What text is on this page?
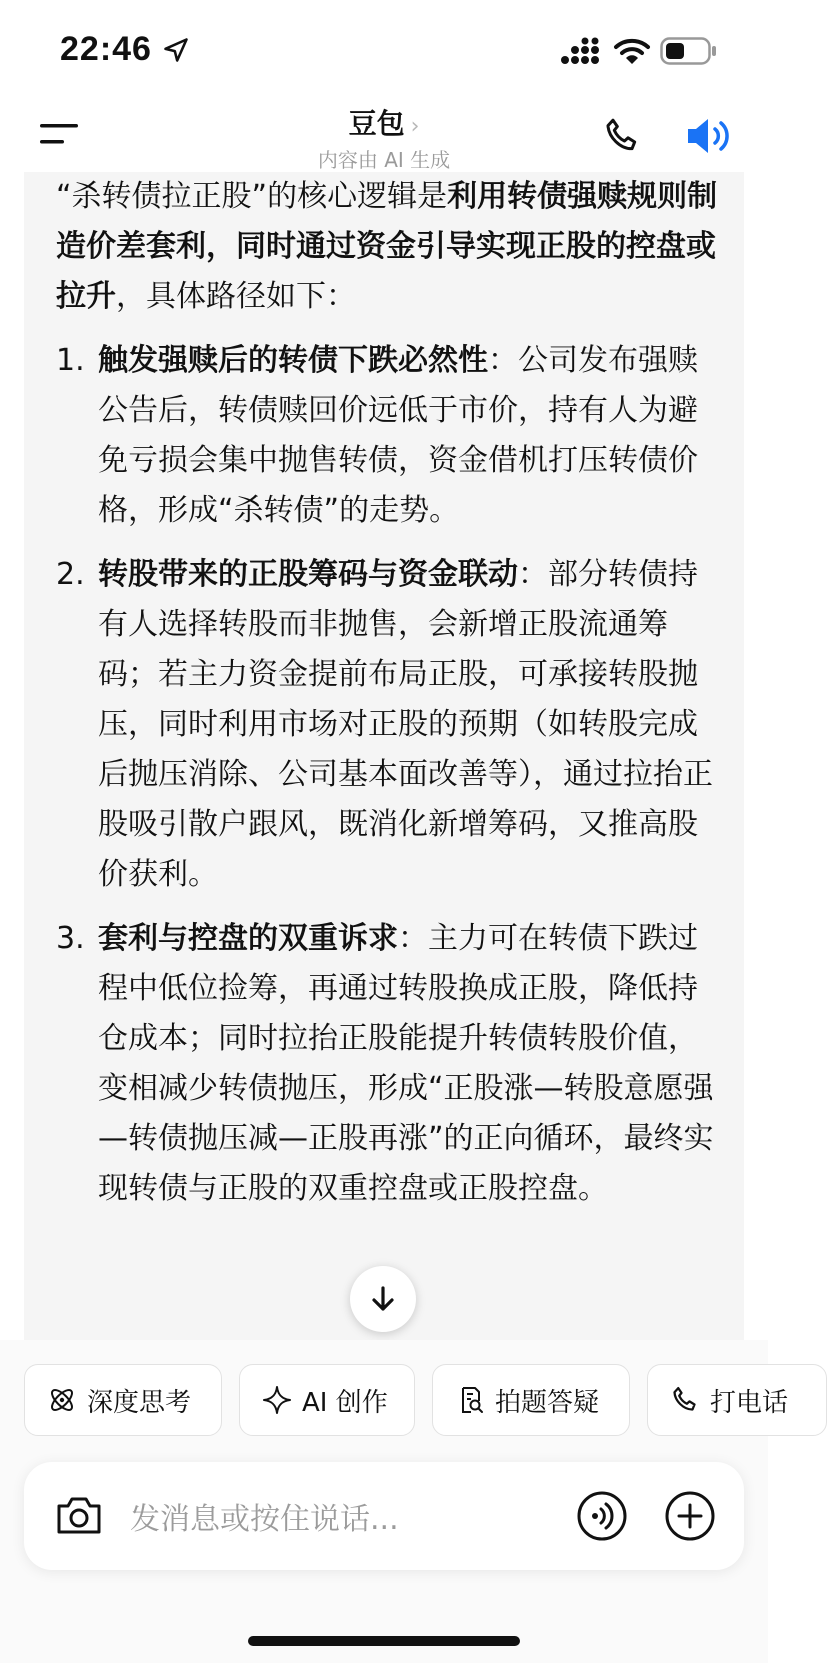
22:46
豆包 ›
内容由 AI 生成

“杀转债拉正股”的核心逻辑是利用转债强赎规则制造价差套利，同时通过资金引导实现正股的控盘或拉升，具体路径如下：

1. 触发强赎后的转债下跌必然性：公司发布强赎公告后，转债赎回价远低于市价，持有人为避免亏损会集中抛售转债，资金借机打压转债价格，形成“杀转债”的走势。
2. 转股带来的正股筹码与资金联动：部分转债持有人选择转股而非抛售，会新增正股流通筹码；若主力资金提前布局正股，可承接转股抛压，同时利用市场对正股的预期（如转股完成后抛压消除、公司基本面改善等），通过拉抬正股吸引散户跟风，既消化新增筹码，又推高股价获利。
3. 套利与控盘的双重诉求：主力可在转债下跌过程中低位捡筹，再通过转股换成正股，降低持仓成本；同时拉抬正股能提升转债转股价值，变相减少转债抛压，形成“正股涨—转股意愿强—转债抛压减—正股再涨”的正向循环，最终实现转债与正股的双重控盘或正股控盘。
深度思考	AI 创作	拍题答疑	打电话
发消息或按住说话...
